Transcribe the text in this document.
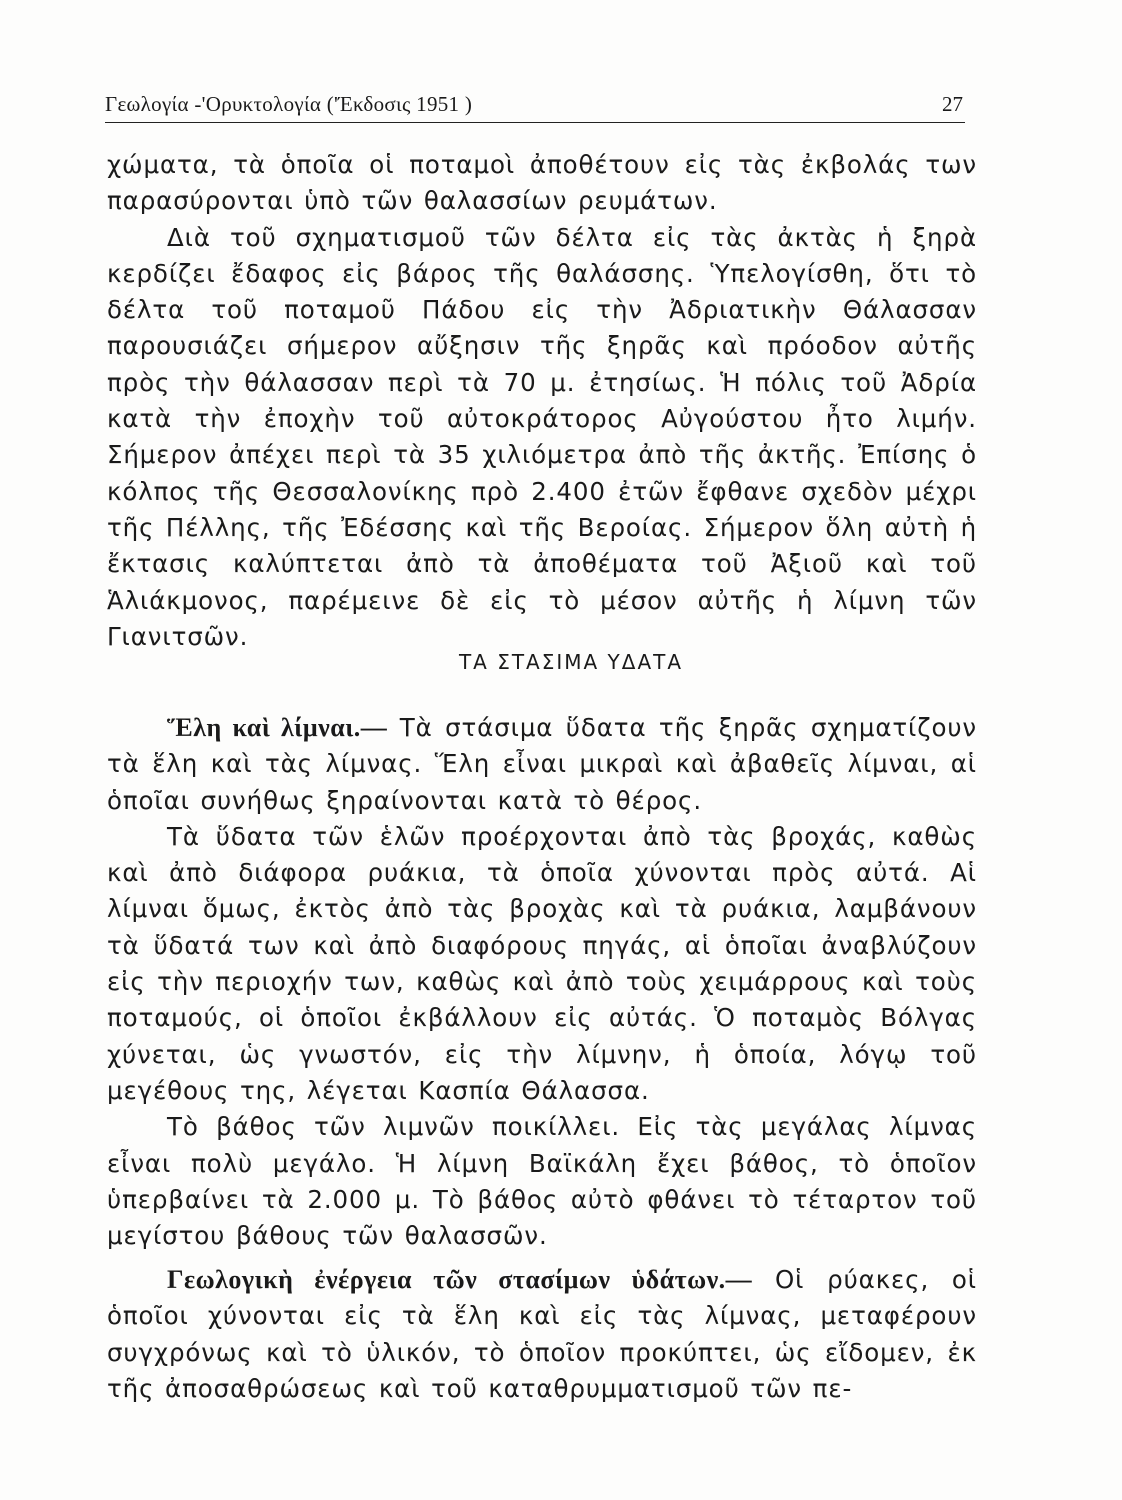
Γεωλογία -'Ορυκτολογία ('Έκδοσις 1951 )	27

χώματα, τὰ ὁποῖα οἱ ποταμοὶ ἀποθέτουν εἰς τὰς ἐκβολάς των παρασύρονται ὑπὸ τῶν θαλασσίων ρευμάτων.

Διὰ τοῦ σχηματισμοῦ τῶν δέλτα εἰς τὰς ἀκτὰς ἡ ξηρὰ κερδίζει ἔδαφος εἰς βάρος τῆς θαλάσσης. Ὑπελογίσθη, ὅτι τὸ δέλτα τοῦ ποταμοῦ Πάδου εἰς τὴν Ἀδριατικὴν Θάλασσαν παρουσιάζει σήμερον αὔξησιν τῆς ξηρᾶς καὶ πρόοδον αὐτῆς πρὸς τὴν θάλασσαν περὶ τὰ 70 μ. ἐτησίως. Ἡ πόλις τοῦ Ἀδρία κατὰ τὴν ἐποχὴν τοῦ αὐτοκράτορος Αὐγούστου ἦτο λιμήν. Σήμερον ἀπέχει περὶ τὰ 35 χιλιόμετρα ἀπὸ τῆς ἀκτῆς. Ἐπίσης ὁ κόλπος τῆς Θεσσαλονίκης πρὸ 2.400 ἐτῶν ἔφθανε σχεδὸν μέχρι τῆς Πέλλης, τῆς Ἐδέσσης καὶ τῆς Βεροίας. Σήμερον ὅλη αὐτὴ ἡ ἔκτασις καλύπτεται ἀπὸ τὰ ἀποθέματα τοῦ Ἀξιοῦ καὶ τοῦ Ἁλιάκμονος, παρέμεινε δὲ εἰς τὸ μέσον αὐτῆς ἡ λίμνη τῶν Γιανιτσῶν.

ΤΑ ΣΤΑΣΙΜΑ ΥΔΑΤΑ

Ἕλη καὶ λίμναι.— Τὰ στάσιμα ὕδατα τῆς ξηρᾶς σχηματίζουν τὰ ἕλη καὶ τὰς λίμνας. Ἕλη εἶναι μικραὶ καὶ ἀβαθεῖς λίμναι, αἱ ὁποῖαι συνήθως ξηραίνονται κατὰ τὸ θέρος.

Τὰ ὕδατα τῶν ἑλῶν προέρχονται ἀπὸ τὰς βροχάς, καθὼς καὶ ἀπὸ διάφορα ρυάκια, τὰ ὁποῖα χύνονται πρὸς αὐτά. Αἱ λίμναι ὅμως, ἐκτὸς ἀπὸ τὰς βροχὰς καὶ τὰ ρυάκια, λαμβάνουν τὰ ὕδατά των καὶ ἀπὸ διαφόρους πηγάς, αἱ ὁποῖαι ἀναβλύζουν εἰς τὴν περιοχήν των, καθὼς καὶ ἀπὸ τοὺς χειμάρρους καὶ τοὺς ποταμούς, οἱ ὁποῖοι ἐκβάλλουν εἰς αὐτάς. Ὁ ποταμὸς Βόλγας χύνεται, ὡς γνωστόν, εἰς τὴν λίμνην, ἡ ὁποία, λόγῳ τοῦ μεγέθους της, λέγεται Κασπία Θάλασσα.

Τὸ βάθος τῶν λιμνῶν ποικίλλει. Εἰς τὰς μεγάλας λίμνας εἶναι πολὺ μεγάλο. Ἡ λίμνη Βαϊκάλη ἔχει βάθος, τὸ ὁποῖον ὑπερβαίνει τὰ 2.000 μ. Τὸ βάθος αὐτὸ φθάνει τὸ τέταρτον τοῦ μεγίστου βάθους τῶν θαλασσῶν.

Γεωλογικὴ ἐνέργεια τῶν στασίμων ὑδάτων.— Οἱ ρύακες, οἱ ὁποῖοι χύνονται εἰς τὰ ἕλη καὶ εἰς τὰς λίμνας, μεταφέρουν συγχρόνως καὶ τὸ ὑλικόν, τὸ ὁποῖον προκύπτει, ὡς εἴδομεν, ἐκ τῆς ἀποσαθρώσεως καὶ τοῦ καταθρυμματισμοῦ τῶν πε-
